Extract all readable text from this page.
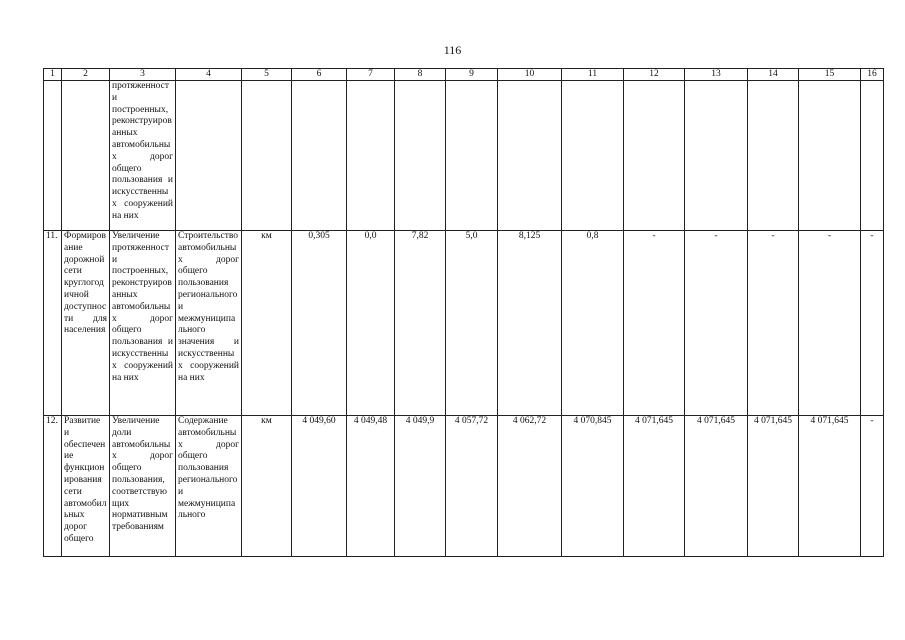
116
1	2	3	4	5	6	7	8	9	10	11	12	13	14	15	16
		протяженности построенных, реконструированных автомобильных дорог общего пользования и искусственных сооружений на них													
11.	Формирование дорожной сети круглогодичной доступности для населения	Увеличение протяженности построенных, реконструированных автомобильных дорог общего пользования и искусственных сооружений на них	Строительство автомобильных дорог общего пользования регионального и межмуниципального значения и искусственных сооружений на них	км	0,305	0,0	7,82	5,0	8,125	0,8	-	-	-	-	-
12.	Развитие и обеспечение функционирования сети автомобильных дорог общего	Увеличение доли автомобильных дорог общего пользования, соответствующих нормативным требованиям	Содержание автомобильных дорог общего пользования регионального и межмуниципального	км	4 049,60	4 049,48	4 049,9	4 057,72	4 062,72	4 070,845	4 071,645	4 071,645	4 071,645	4 071,645	-
